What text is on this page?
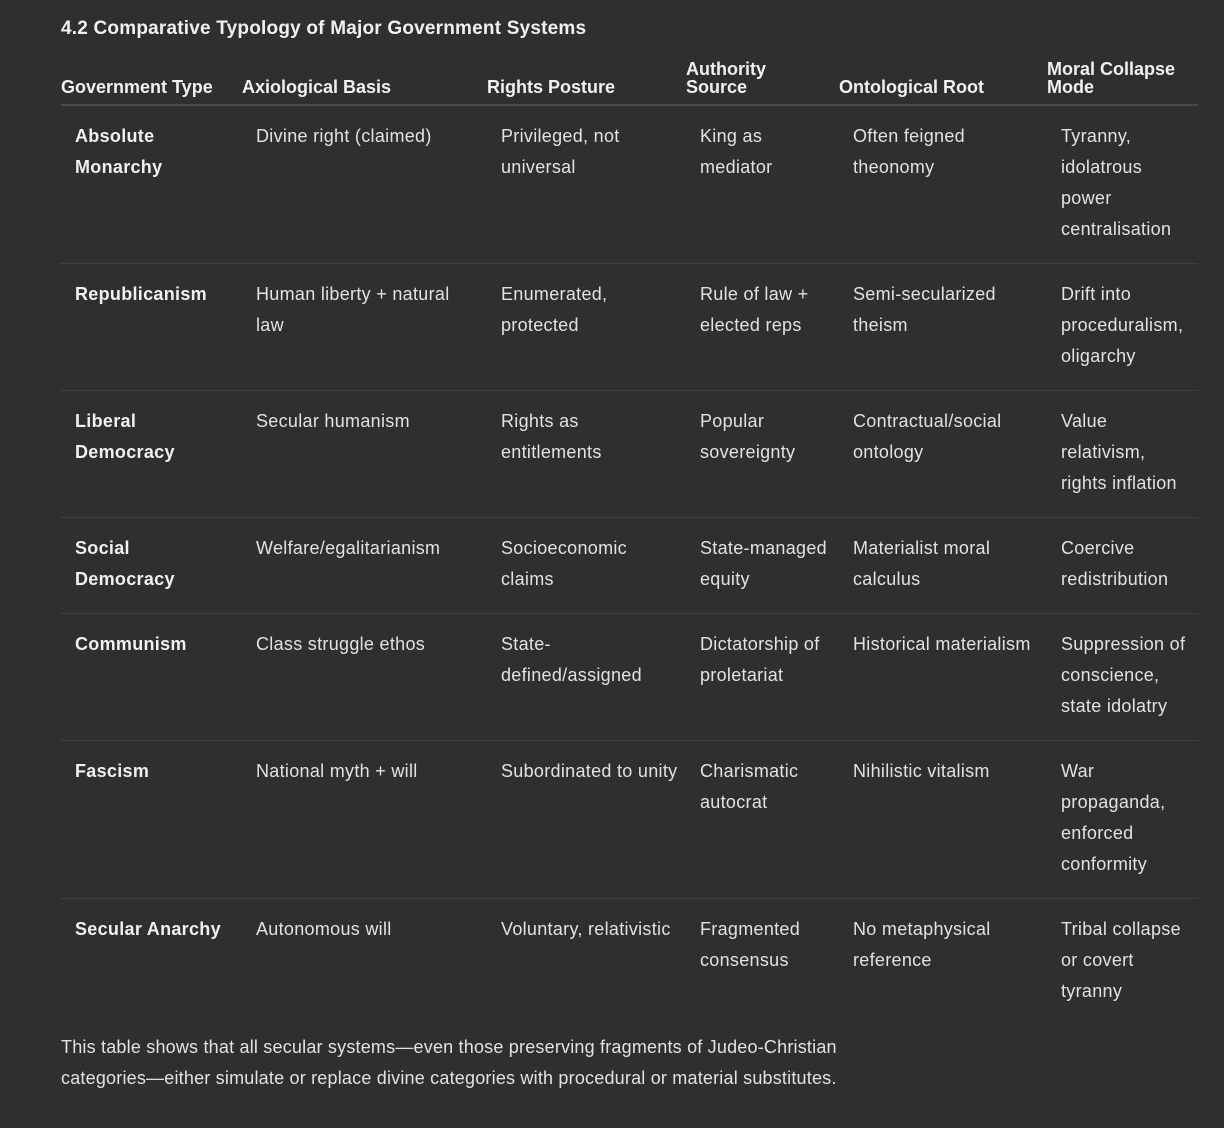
4.2 Comparative Typology of Major Government Systems
Government Type	Axiological Basis	Rights Posture	Authority Source	Ontological Root	Moral Collapse Mode
Absolute Monarchy	Divine right (claimed)	Privileged, not universal	King as mediator	Often feigned theonomy	Tyranny, idolatrous power centralisation
Republicanism	Human liberty + natural law	Enumerated, protected	Rule of law + elected reps	Semi-secularized theism	Drift into proceduralism, oligarchy
Liberal Democracy	Secular humanism	Rights as entitlements	Popular sovereignty	Contractual/social ontology	Value relativism, rights inflation
Social Democracy	Welfare/egalitarianism	Socioeconomic claims	State-managed equity	Materialist moral calculus	Coercive redistribution
Communism	Class struggle ethos	State-defined/assigned	Dictatorship of proletariat	Historical materialism	Suppression of conscience, state idolatry
Fascism	National myth + will	Subordinated to unity	Charismatic autocrat	Nihilistic vitalism	War propaganda, enforced conformity
Secular Anarchy	Autonomous will	Voluntary, relativistic	Fragmented consensus	No metaphysical reference	Tribal collapse or covert tyranny

This table shows that all secular systems—even those preserving fragments of Judeo-Christian categories—either simulate or replace divine categories with procedural or material substitutes.
